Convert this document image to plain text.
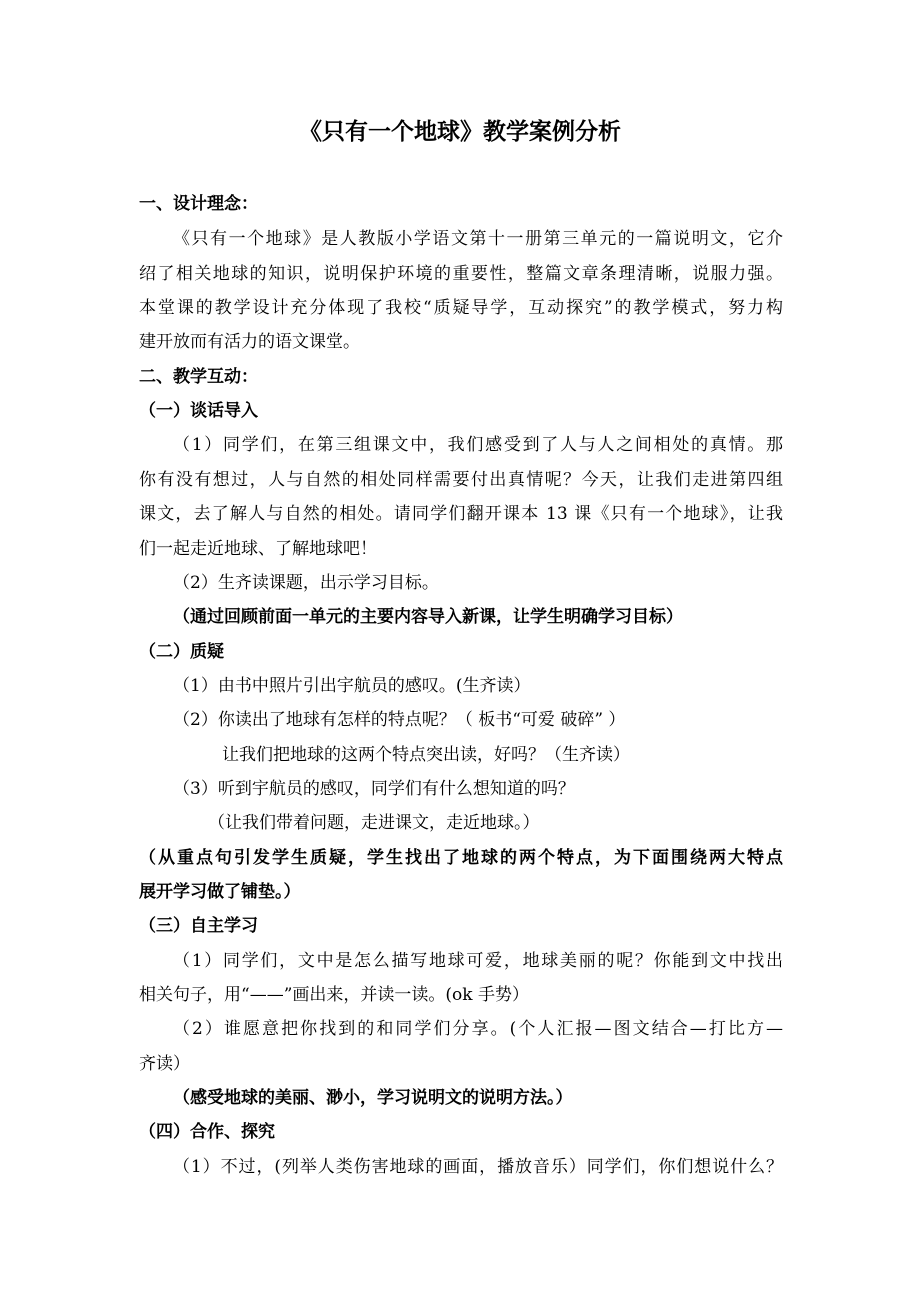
《只有一个地球》教学案例分析
一、设计理念：
《只有一个地球》是人教版小学语文第十一册第三单元的一篇说明文，它介
绍了相关地球的知识，说明保护环境的重要性，整篇文章条理清晰，说服力强。
本堂课的教学设计充分体现了我校“质疑导学，互动探究”的教学模式，努力构
建开放而有活力的语文课堂。
二、教学互动：
（一）谈话导入
（1）同学们，在第三组课文中，我们感受到了人与人之间相处的真情。那
你有没有想过，人与自然的相处同样需要付出真情呢？今天，让我们走进第四组
课文，去了解人与自然的相处。请同学们翻开课本 13 课《只有一个地球》，让我
们一起走近地球、了解地球吧！
（2）生齐读课题，出示学习目标。
（通过回顾前面一单元的主要内容导入新课，让学生明确学习目标）
（二）质疑
（1）由书中照片引出宇航员的感叹。(生齐读）
（2）你读出了地球有怎样的特点呢？（ 板书“可爱 破碎” ）
让我们把地球的这两个特点突出读，好吗？（生齐读）
（3）听到宇航员的感叹，同学们有什么想知道的吗？
（让我们带着问题，走进课文，走近地球。）
（从重点句引发学生质疑，学生找出了地球的两个特点，为下面围绕两大特点
展开学习做了铺垫。）
（三）自主学习
（1）同学们，文中是怎么描写地球可爱，地球美丽的呢？你能到文中找出
相关句子，用“——”画出来，并读一读。(ok 手势）
（2）谁愿意把你找到的和同学们分享。(个人汇报—图文结合—打比方—
齐读）
（感受地球的美丽、渺小，学习说明文的说明方法。）
（四）合作、探究
（1）不过，(列举人类伤害地球的画面，播放音乐）同学们，你们想说什么？
